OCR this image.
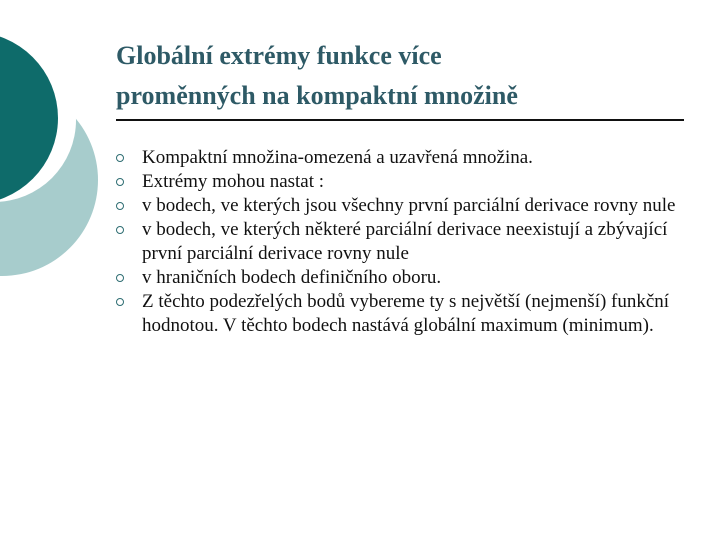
Globální extrémy funkce více
proměnných na kompaktní množině
Kompaktní množina-omezená a uzavřená množina.
Extrémy mohou nastat :
v bodech, ve kterých jsou všechny první parciální derivace rovny nule
v bodech, ve kterých některé parciální derivace neexistují a zbývající první parciální derivace rovny nule
v hraničních bodech definičního oboru.
Z těchto podezřelých bodů vybereme ty s největší (nejmenší) funkční hodnotou. V těchto bodech nastává globální maximum (minimum).
